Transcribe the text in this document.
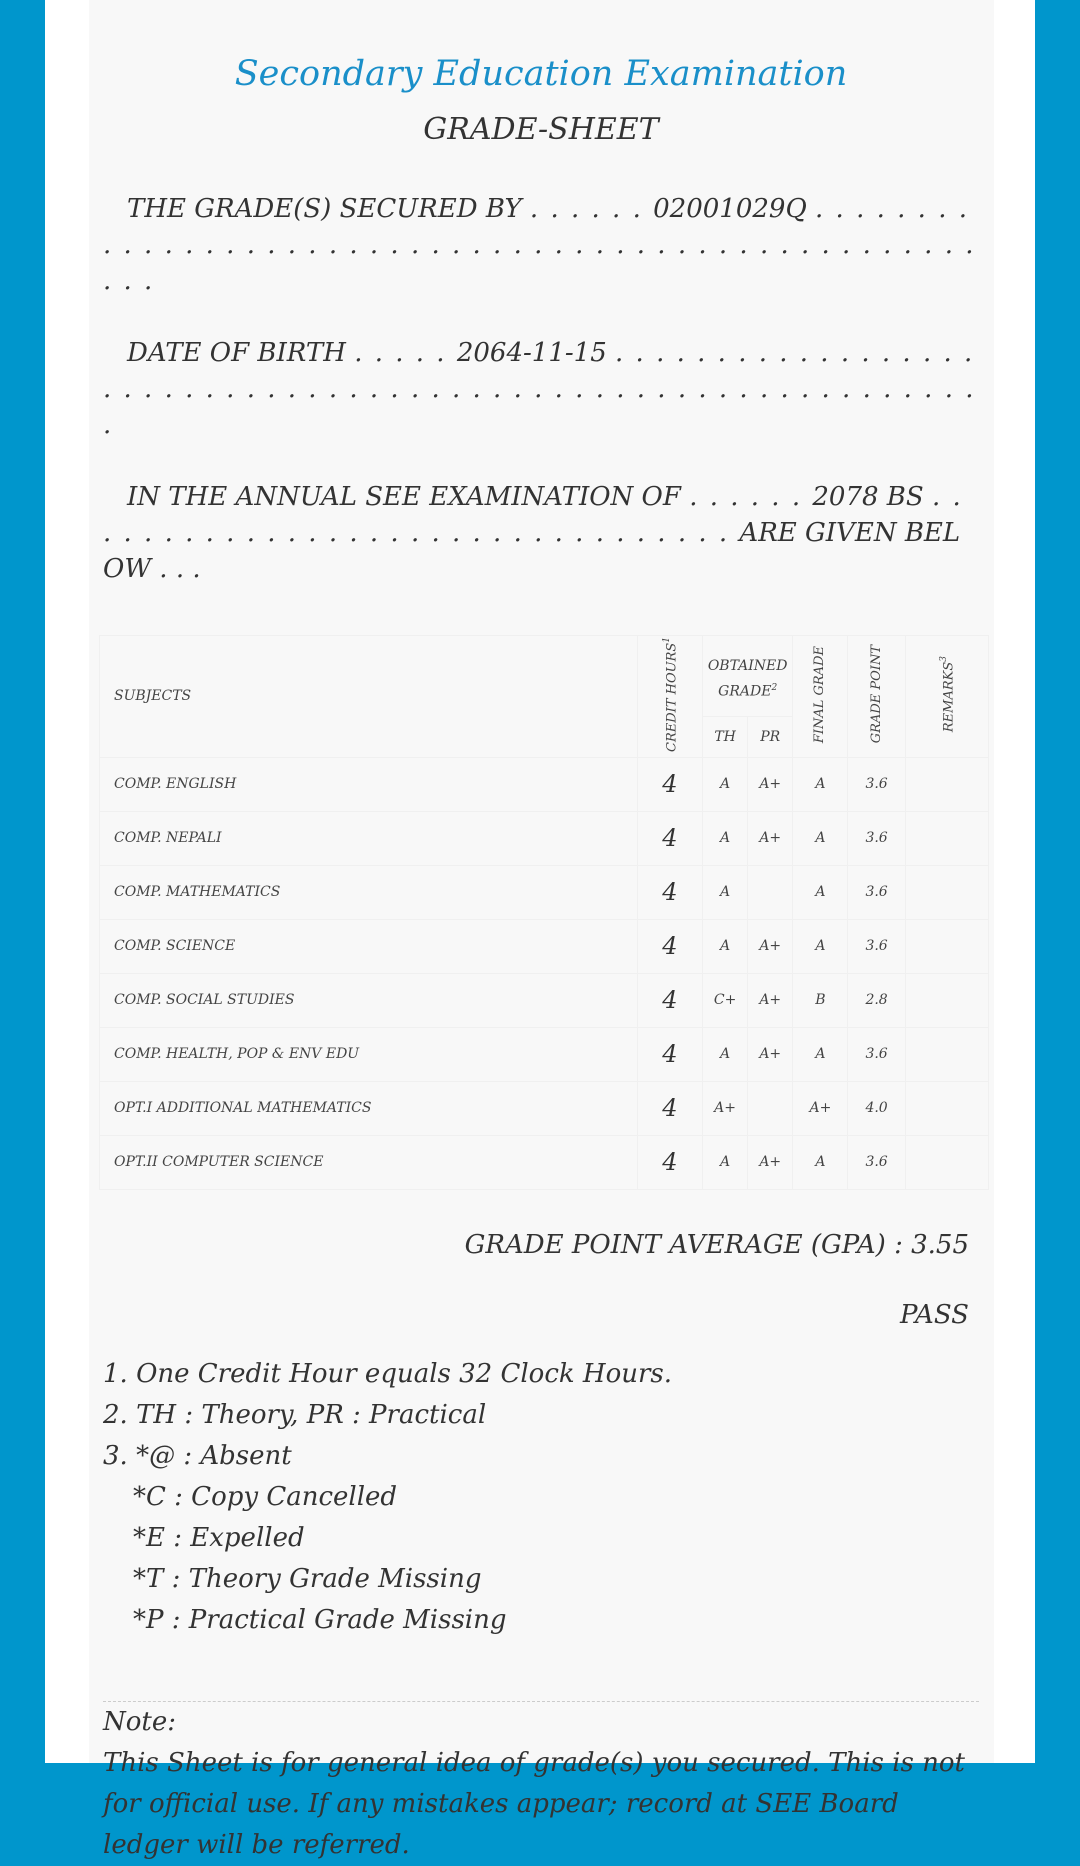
Secondary Education Examination
GRADE-SHEET
THE GRADE(S) SECURED BY . . . . . . 02001029Q . . . . . . . . . . . . . . . . . . . . . . . . . . . . . . . . . . . . . . . . . . . . . . . . . . . . . .
DATE OF BIRTH . . . . . 2064-11-15 . . . . . . . . . . . . . . . . . . . . . . . . . . . . . . . . . . . . . . . . . . . . . . . . . . . . . . . . . . . . . .
IN THE ANNUAL SEE EXAMINATION OF . . . . . . 2078 BS . . . . . . . . . . . . . . . . . . . . . . . . . . . . . . . . . ARE GIVEN BELOW . . .
SUBJECTS	CREDIT HOURS$^1$	OBTAINED GRADE$^2$		FINAL GRADE	GRADE POINT	REMARKS$^3$
		TH	PR			
COMP. ENGLISH	4	A	A+	A	3.6	
COMP. NEPALI	4	A	A+	A	3.6	
COMP. MATHEMATICS	4	A		A	3.6	
COMP. SCIENCE	4	A	A+	A	3.6	
COMP. SOCIAL STUDIES	4	C+	A+	B	2.8	
COMP. HEALTH, POP & ENV EDU	4	A	A+	A	3.6	
OPT.I ADDITIONAL MATHEMATICS	4	A+		A+	4.0	
OPT.II COMPUTER SCIENCE	4	A	A+	A	3.6	
GRADE POINT AVERAGE (GPA) : 3.55
PASS
1. One Credit Hour equals 32 Clock Hours.
2. TH : Theory, PR : Practical
3. *@ : Absent
*C : Copy Cancelled
*E : Expelled
*T : Theory Grade Missing
*P : Practical Grade Missing
Note:
This Sheet is for general idea of grade(s) you secured. This is not for official use. If any mistakes appear; record at SEE Board ledger will be referred.
